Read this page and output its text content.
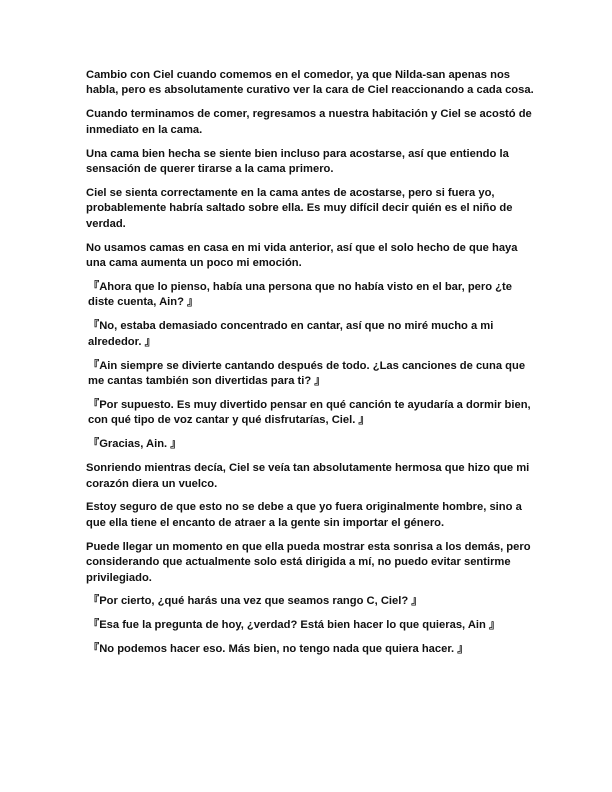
Cambio con Ciel cuando comemos en el comedor, ya que Nilda-san apenas nos habla, pero es absolutamente curativo ver la cara de Ciel reaccionando a cada cosa.

Cuando terminamos de comer, regresamos a nuestra habitación y Ciel se acostó de inmediato en la cama.

Una cama bien hecha se siente bien incluso para acostarse, así que entiendo la sensación de querer tirarse a la cama primero.

Ciel se sienta correctamente en la cama antes de acostarse, pero si fuera yo, probablemente habría saltado sobre ella. Es muy difícil decir quién es el niño de verdad.

No usamos camas en casa en mi vida anterior, así que el solo hecho de que haya una cama aumenta un poco mi emoción.

『Ahora que lo pienso, había una persona que no había visto en el bar, pero ¿te diste cuenta, Ain? 』

『No, estaba demasiado concentrado en cantar, así que no miré mucho a mi alrededor. 』

『Ain siempre se divierte cantando después de todo. ¿Las canciones de cuna que me cantas también son divertidas para ti? 』

『Por supuesto. Es muy divertido pensar en qué canción te ayudaría a dormir bien, con qué tipo de voz cantar y qué disfrutarías, Ciel. 』

『Gracias, Ain. 』

Sonriendo mientras decía, Ciel se veía tan absolutamente hermosa que hizo que mi corazón diera un vuelco.

Estoy seguro de que esto no se debe a que yo fuera originalmente hombre, sino a que ella tiene el encanto de atraer a la gente sin importar el género.

Puede llegar un momento en que ella pueda mostrar esta sonrisa a los demás, pero considerando que actualmente solo está dirigida a mí, no puedo evitar sentirme privilegiado.

『Por cierto, ¿qué harás una vez que seamos rango C, Ciel? 』

『Esa fue la pregunta de hoy, ¿verdad? Está bien hacer lo que quieras, Ain 』

『No podemos hacer eso. Más bien, no tengo nada que quiera hacer. 』
